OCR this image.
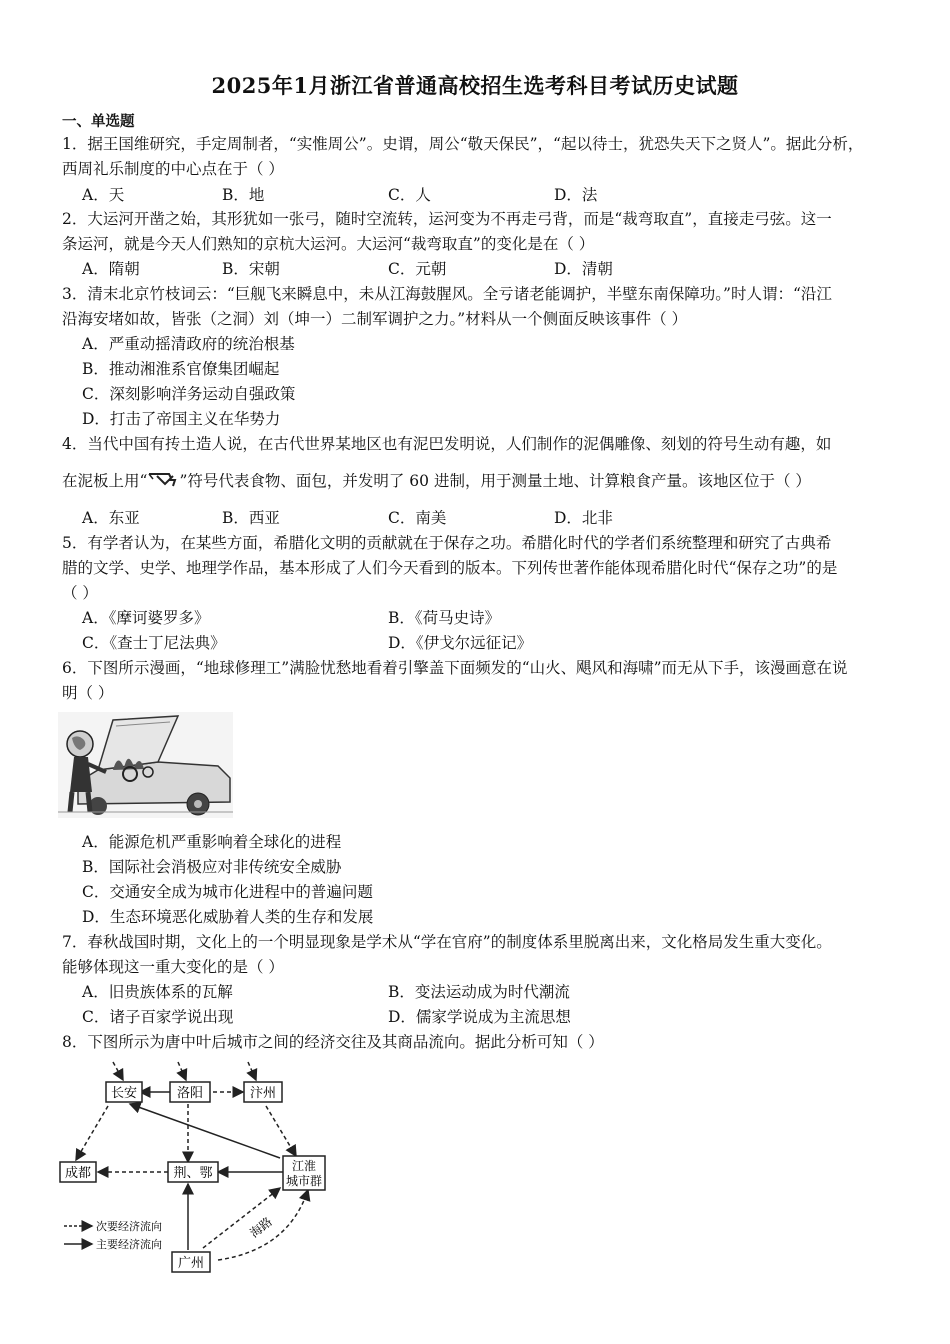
2025年1月浙江省普通高校招生选考科目考试历史试题
一、单选题
1．据王国维研究，手定周制者，“实惟周公”。史谓，周公“敬天保民”，“起以待士，犹恐失天下之贤人”。据此分析，
西周礼乐制度的中心点在于（ ）
A．天	B．地	C．人	D．法
2．大运河开凿之始，其形犹如一张弓，随时空流转，运河变为不再走弓背，而是“裁弯取直”，直接走弓弦。这一
条运河，就是今天人们熟知的京杭大运河。大运河“裁弯取直”的变化是在（ ）
A．隋朝	B．宋朝	C．元朝	D．清朝
3．清末北京竹枝词云：“巨舰飞来瞬息中，未从江海鼓腥风。全亏诸老能调护，半壁东南保障功。”时人谓：“沿江
沿海安堵如故，皆张（之洞）刘（坤一）二制军调护之力。”材料从一个侧面反映该事件（ ）
A．严重动摇清政府的统治根基
B．推动湘淮系官僚集团崛起
C．深刻影响洋务运动自强政策
D．打击了帝国主义在华势力
4．当代中国有抟土造人说，在古代世界某地区也有泥巴发明说，人们制作的泥偶雕像、刻划的符号生动有趣，如
在泥板上用“ ”符号代表食物、面包，并发明了 60 进制，用于测量土地、计算粮食产量。该地区位于（ ）
A．东亚	B．西亚	C．南美	D．北非
5．有学者认为，在某些方面，希腊化文明的贡献就在于保存之功。希腊化时代的学者们系统整理和研究了古典希
腊的文学、史学、地理学作品，基本形成了人们今天看到的版本。下列传世著作能体现希腊化时代“保存之功”的是
（ ）
A．《摩诃婆罗多》	B．《荷马史诗》
C．《查士丁尼法典》	D．《伊戈尔远征记》
6．下图所示漫画，“地球修理工”满脸忧愁地看着引擎盖下面频发的“山火、飓风和海啸”而无从下手，该漫画意在说
明（ ）
A．能源危机严重影响着全球化的进程
B．国际社会消极应对非传统安全威胁
C．交通安全成为城市化进程中的普遍问题
D．生态环境恶化威胁着人类的生存和发展
7．春秋战国时期，文化上的一个明显现象是学术从“学在官府”的制度体系里脱离出来，文化格局发生重大变化。
能够体现这一重大变化的是（ ）
A．旧贵族体系的瓦解	B．变法运动成为时代潮流
C．诸子百家学说出现	D．儒家学说成为主流思想
8．下图所示为唐中叶后城市之间的经济交往及其商品流向。据此分析可知（ ）
长安	洛阳	汴州
成都	荆、鄂	江淮
城市群
广州
海路
次要经济流向
主要经济流向
